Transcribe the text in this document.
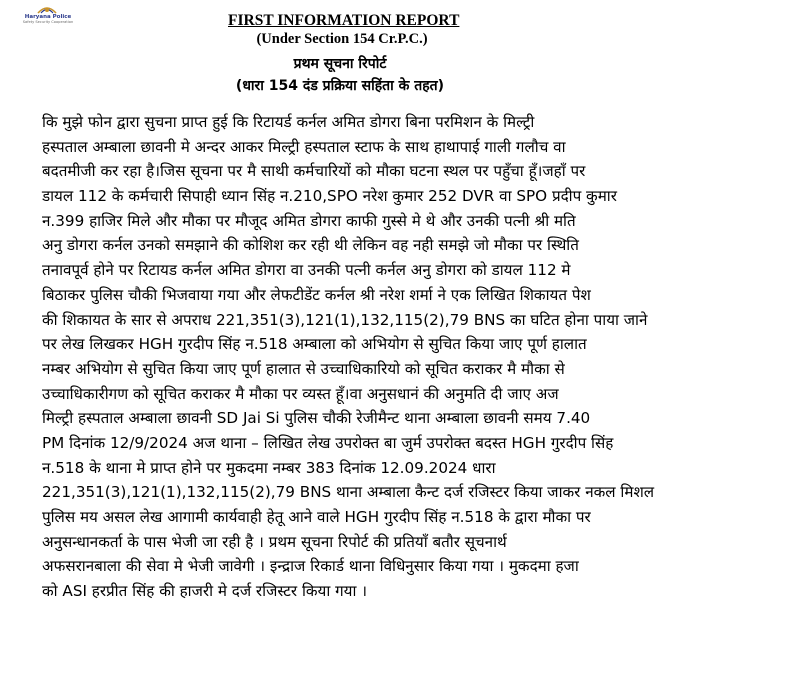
Haryana Police
Safety Security Cooperation	FIRST INFORMATION REPORT
(Under Section 154 Cr.P.C.)
प्रथम सूचना रिपोर्ट
(धारा 154 दंड प्रक्रिया सहिंता के तहत)
कि मुझे फोन द्वारा सुचना प्राप्त हुई कि रिटायर्ड कर्नल अमित डोगरा बिना परमिशन के मिल्ट्री
हस्पताल अम्बाला छावनी मे अन्दर आकर मिल्ट्री हस्पताल स्टाफ के साथ हाथापाई गाली गलौच वा
बदतमीजी कर रहा है।जिस सूचना पर मै साथी कर्मचारियों को मौका घटना स्थल पर पहुँचा हूँ।जहाँ पर
डायल 112 के कर्मचारी सिपाही ध्यान सिंह न.210,SPO नरेश कुमार 252 DVR वा SPO प्रदीप कुमार
न.399 हाजिर मिले और मौका पर मौजूद अमित डोगरा काफी गुस्से मे थे और उनकी पत्नी श्री मति
अनु डोगरा कर्नल उनको समझाने की कोशिश कर रही थी लेकिन वह नही समझे जो मौका पर स्थिति
तनावपूर्व होने पर रिटायड कर्नल अमित डोगरा वा उनकी पत्नी कर्नल अनु डोगरा को डायल 112 मे
बिठाकर पुलिस चौकी भिजवाया गया और लेफटीडेंट कर्नल श्री नरेश शर्मा ने एक लिखित शिकायत पेश
की शिकायत के सार से अपराध 221,351(3),121(1),132,115(2),79 BNS का घटित होना पाया जाने
पर लेख लिखकर HGH गुरदीप सिंह न.518 अम्बाला को अभियोग से सुचित किया जाए पूर्ण हालात
नम्बर अभियोग से सुचित किया जाए पूर्ण हालात से उच्चाधिकारियो को सूचित कराकर मै मौका से
उच्चाधिकारीगण को सूचित कराकर मै मौका पर व्यस्त हूँ।वा अनुसधानं की अनुमति दी जाए अज
मिल्ट्री हस्पताल अम्बाला छावनी SD Jai Si पुलिस चौकी रेजीमैन्ट थाना अम्बाला छावनी समय 7.40
PM दिनांक 12/9/2024 अज थाना – लिखित लेख उपरोक्त बा जुर्म उपरोक्त बदस्त HGH गुरदीप सिंह
न.518 के थाना मे प्राप्त होने पर मुकदमा नम्बर 383 दिनांक 12.09.2024 धारा
221,351(3),121(1),132,115(2),79 BNS थाना अम्बाला कैन्ट दर्ज रजिस्टर किया जाकर नकल मिशल
पुलिस मय असल लेख आगामी कार्यवाही हेतू आने वाले HGH गुरदीप सिंह न.518 के द्वारा मौका पर
अनुसन्धानकर्ता के पास भेजी जा रही है । प्रथम सूचना रिपोर्ट की प्रतियाँ बतौर सूचनार्थ
अफसरानबाला की सेवा मे भेजी जावेगी । इन्द्राज रिकार्ड थाना विधिनुसार किया गया । मुकदमा हजा
को ASI हरप्रीत सिंह की हाजरी मे दर्ज रजिस्टर किया गया ।
